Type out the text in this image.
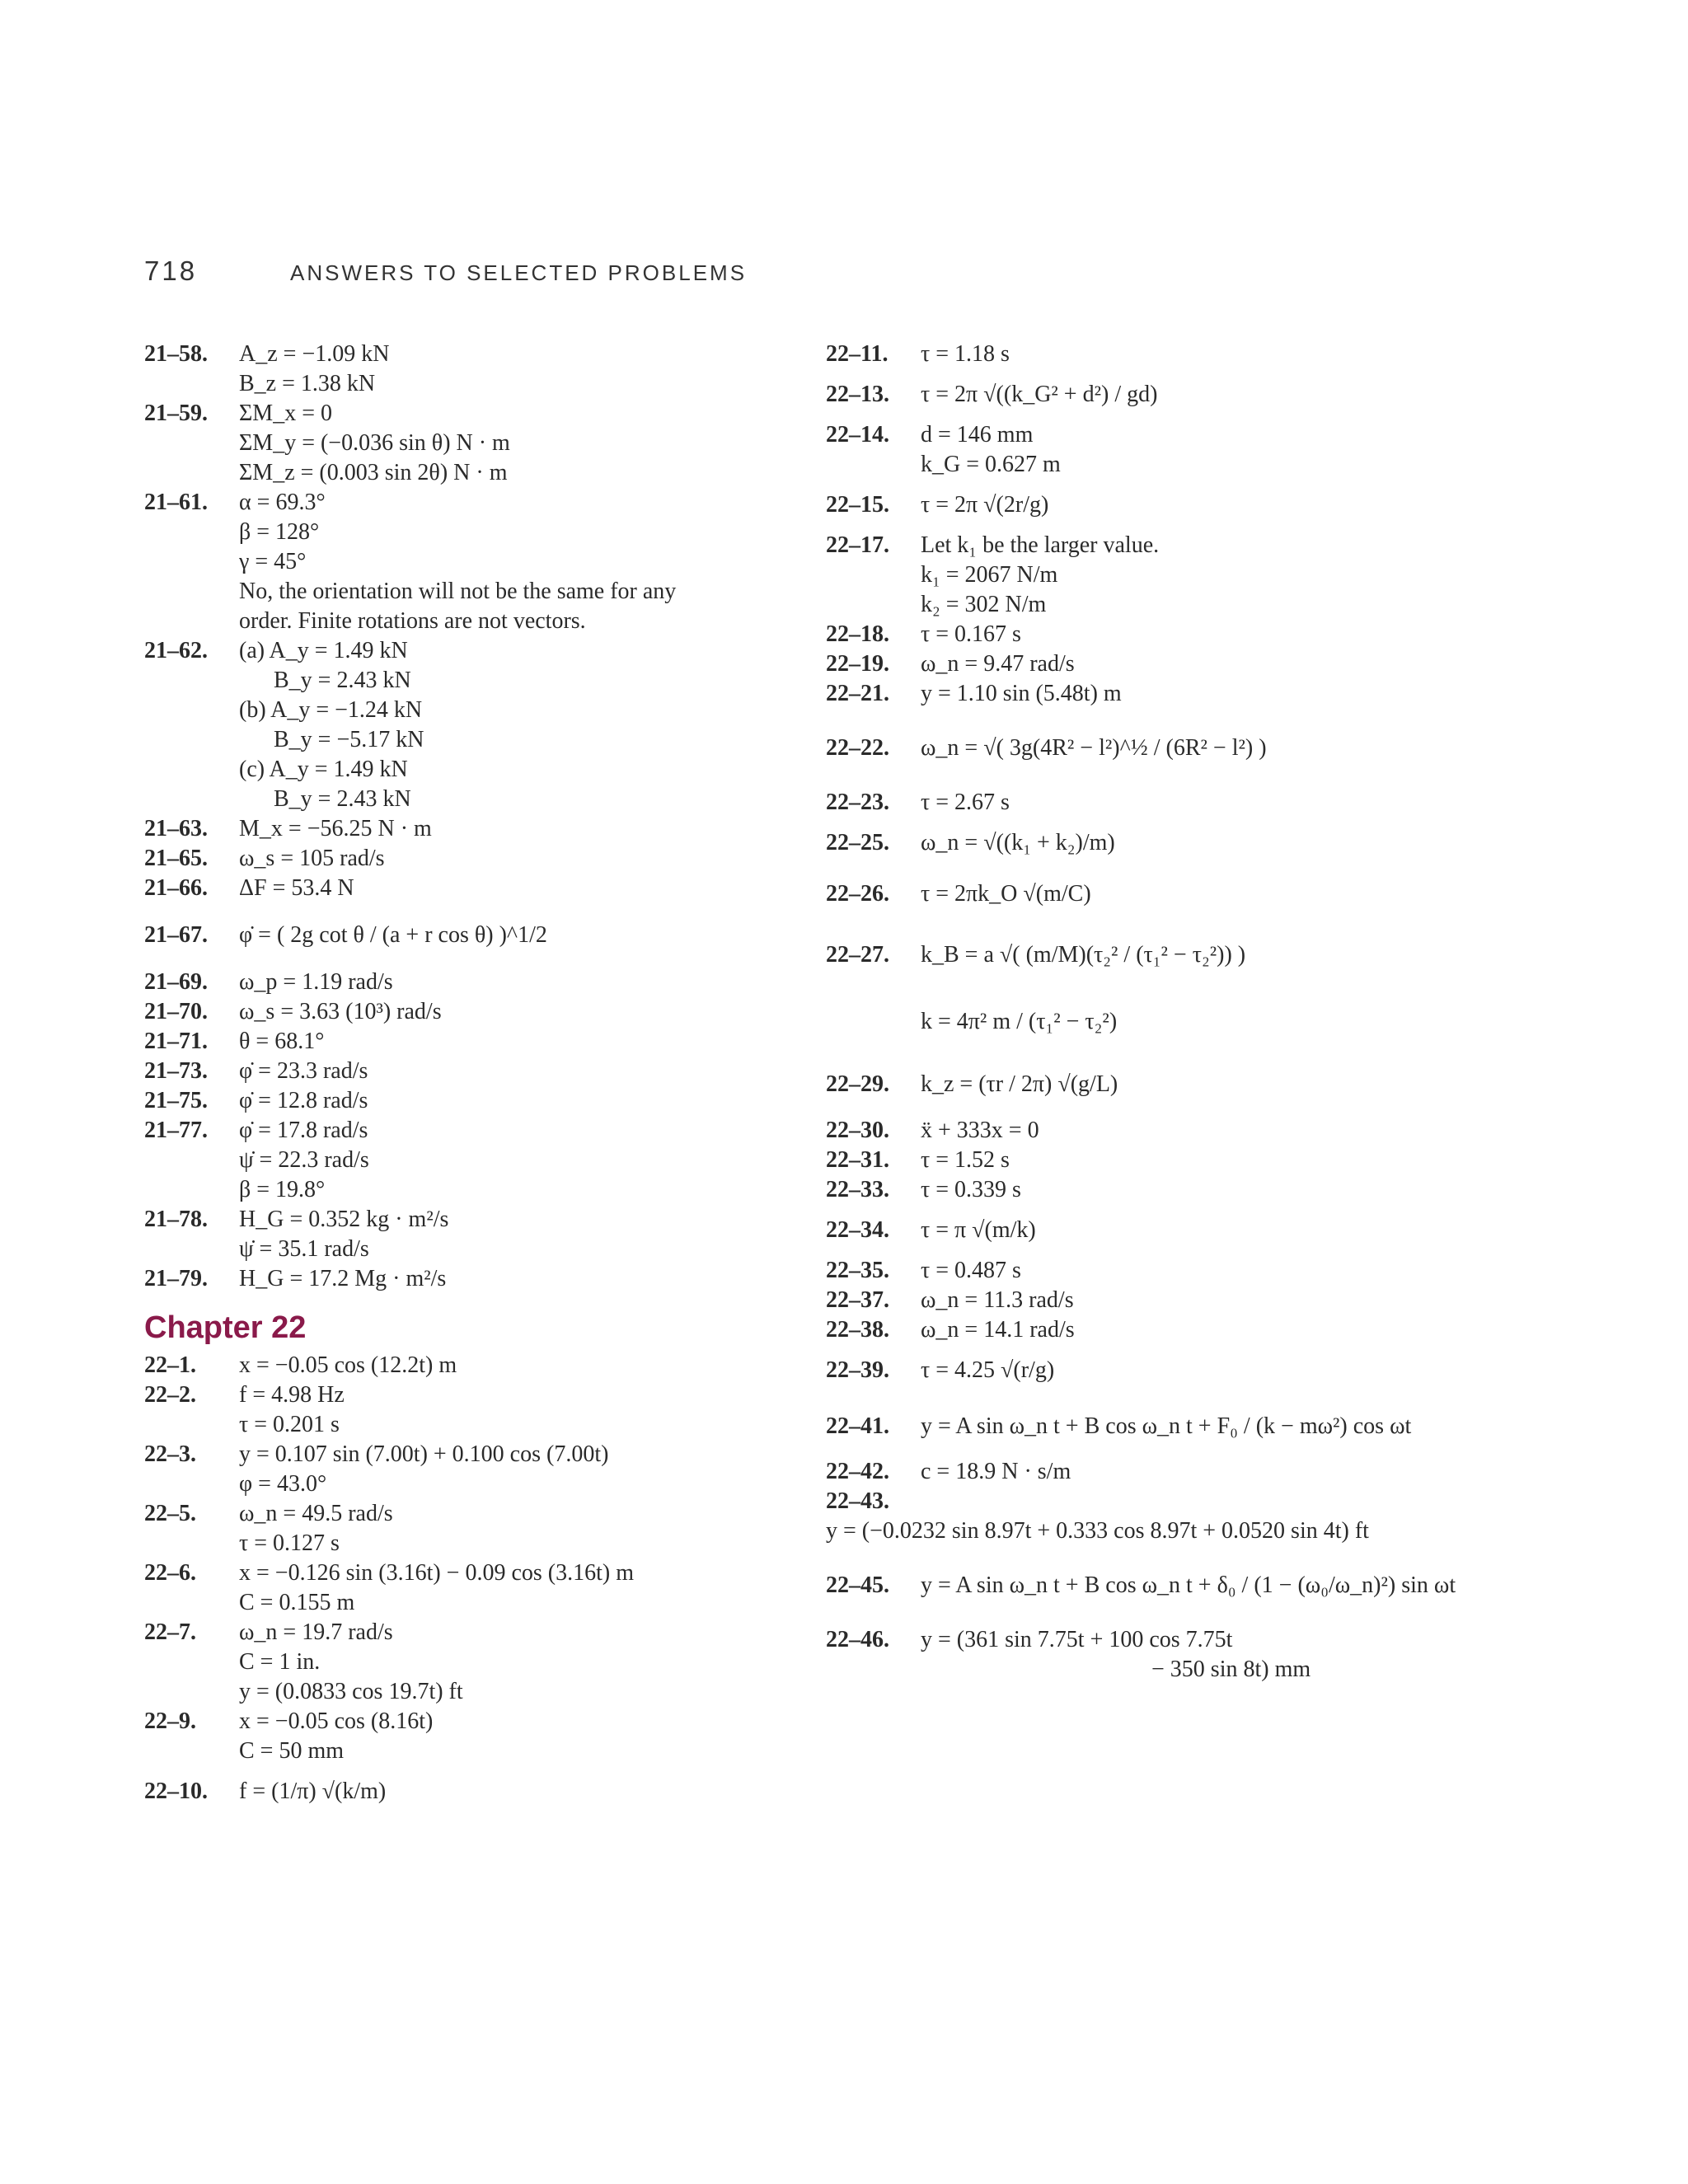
718	ANSWERS TO SELECTED PROBLEMS
21–58.	A_z = −1.09 kN
B_z = 1.38 kN
21–59.	ΣM_x = 0
ΣM_y = (−0.036 sin θ) N · m
ΣM_z = (0.003 sin 2θ) N · m
21–61.	α = 69.3°
β = 128°
γ = 45°
No, the orientation will not be the same for any
order. Finite rotations are not vectors.
21–62.	(a) A_y = 1.49 kN
B_y = 2.43 kN
(b) A_y = −1.24 kN
B_y = −5.17 kN
(c) A_y = 1.49 kN
B_y = 2.43 kN
21–63.	M_x = −56.25 N · m
21–65.	ω_s = 105 rad/s
21–66.	ΔF = 53.4 N
21–67.	φ̇ = ( 2g cot θ / (a + r cos θ) )^1/2
21–69.	ω_p = 1.19 rad/s
21–70.	ω_s = 3.63 (10³) rad/s
21–71.	θ = 68.1°
21–73.	φ̇ = 23.3 rad/s
21–75.	φ̇ = 12.8 rad/s
21–77.	φ̇ = 17.8 rad/s
ψ̇ = 22.3 rad/s
β = 19.8°
21–78.	H_G = 0.352 kg · m²/s
ψ̇ = 35.1 rad/s
21–79.	H_G = 17.2 Mg · m²/s
Chapter 22
22–1.	x = −0.05 cos (12.2t) m
22–2.	f = 4.98 Hz
τ = 0.201 s
22–3.	y = 0.107 sin (7.00t) + 0.100 cos (7.00t)
φ = 43.0°
22–5.	ω_n = 49.5 rad/s
τ = 0.127 s
22–6.	x = −0.126 sin (3.16t) − 0.09 cos (3.16t) m
C = 0.155 m
22–7.	ω_n = 19.7 rad/s
C = 1 in.
y = (0.0833 cos 19.7t) ft
22–9.	x = −0.05 cos (8.16t)
C = 50 mm
22–10.	f = (1/π) √(k/m)
22–11.	τ = 1.18 s
22–13.	τ = 2π √((k_G² + d²) / gd)
22–14.	d = 146 mm
k_G = 0.627 m
22–15.	τ = 2π √(2r/g)
22–17.	Let k₁ be the larger value.
k₁ = 2067 N/m
k₂ = 302 N/m
22–18.	τ = 0.167 s
22–19.	ω_n = 9.47 rad/s
22–21.	y = 1.10 sin (5.48t) m
22–22.	ω_n = √( 3g(4R² − l²)^½ / (6R² − l²) )
22–23.	τ = 2.67 s
22–25.	ω_n = √((k₁ + k₂)/m)
22–26.	τ = 2πk_O √(m/C)
22–27.	k_B = a √( (m/M)(τ₂² / (τ₁² − τ₂²)) )
k = 4π² m / (τ₁² − τ₂²)
22–29.	k_z = (τr / 2π) √(g/L)
22–30.	ẍ + 333x = 0
22–31.	τ = 1.52 s
22–33.	τ = 0.339 s
22–34.	τ = π √(m/k)
22–35.	τ = 0.487 s
22–37.	ω_n = 11.3 rad/s
22–38.	ω_n = 14.1 rad/s
22–39.	τ = 4.25 √(r/g)
22–41.	y = A sin ω_n t + B cos ω_n t + F₀ / (k − mω²) cos ωt
22–42.	c = 18.9 N · s/m
22–43.
y = (−0.0232 sin 8.97t + 0.333 cos 8.97t + 0.0520 sin 4t) ft
22–45.	y = A sin ω_n t + B cos ω_n t + δ₀ / (1 − (ω₀/ω_n)²) sin ωt
22–46.	y = (361 sin 7.75t + 100 cos 7.75t
− 350 sin 8t) mm
